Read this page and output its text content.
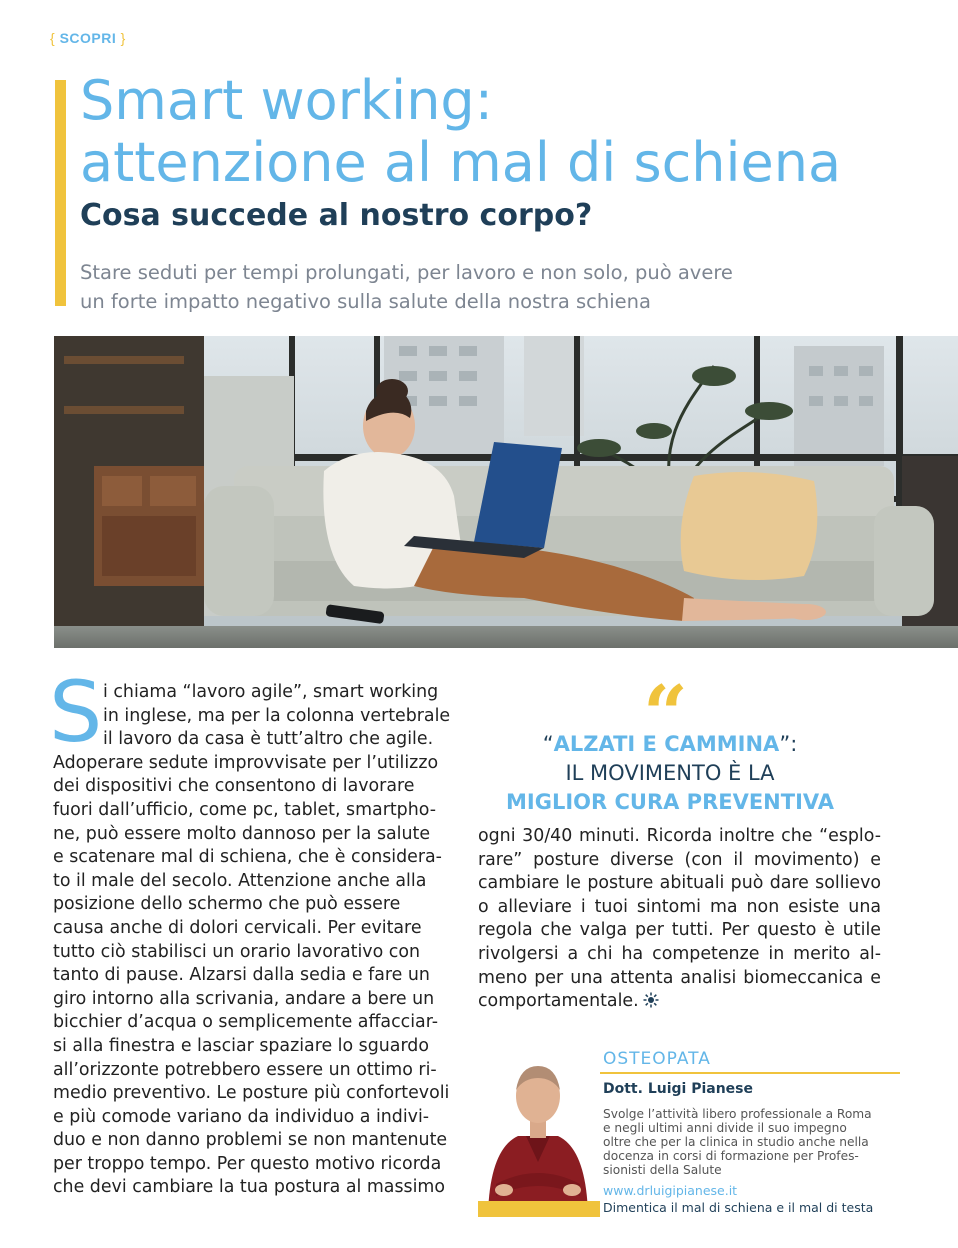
{ SCOPRI }
Smart working:
attenzione al mal di schiena
Cosa succede al nostro corpo?

Stare seduti per tempi prolungati, per lavoro e non solo, può avere
un forte impatto negativo sulla salute della nostra schiena

S i chiama “lavoro agile”, smart working
in inglese, ma per la colonna vertebrale
il lavoro da casa è tutt’altro che agile.
Adoperare sedute improvvisate per l’utilizzo
dei dispositivi che consentono di lavorare
fuori dall’ufficio, come pc, tablet, smartpho-
ne, può essere molto dannoso per la salute
e scatenare mal di schiena, che è considera-
to il male del secolo. Attenzione anche alla
posizione dello schermo che può essere
causa anche di dolori cervicali. Per evitare
tutto ciò stabilisci un orario lavorativo con
tanto di pause. Alzarsi dalla sedia e fare un
giro intorno alla scrivania, andare a bere un
bicchier d’acqua o semplicemente affacciar-
si alla finestra e lasciar spaziare lo sguardo
all’orizzonte potrebbero essere un ottimo ri-
medio preventivo. Le posture più confortevoli
e più comode variano da individuo a indivi-
duo e non danno problemi se non mantenute
per troppo tempo. Per questo motivo ricorda
che devi cambiare la tua postura al massimo
“
“ALZATI E CAMMINA”:
IL MOVIMENTO È LA
MIGLIOR CURA PREVENTIVA
ogni 30/40 minuti. Ricorda inoltre che “esplo-
rare” posture diverse (con il movimento) e
cambiare le posture abituali può dare sollievo
o alleviare i tuoi sintomi ma non esiste una
regola che valga per tutti. Per questo è utile
rivolgersi a chi ha competenze in merito al-
meno per una attenta analisi biomeccanica e
comportamentale.
OSTEOPATA
Dott. Luigi Pianese
Svolge l’attività libero professionale a Roma
e negli ultimi anni divide il suo impegno
oltre che per la clinica in studio anche nella
docenza in corsi di formazione per Profes-
sionisti della Salute
www.drluigipianese.it
Dimentica il mal di schiena e il mal di testa
